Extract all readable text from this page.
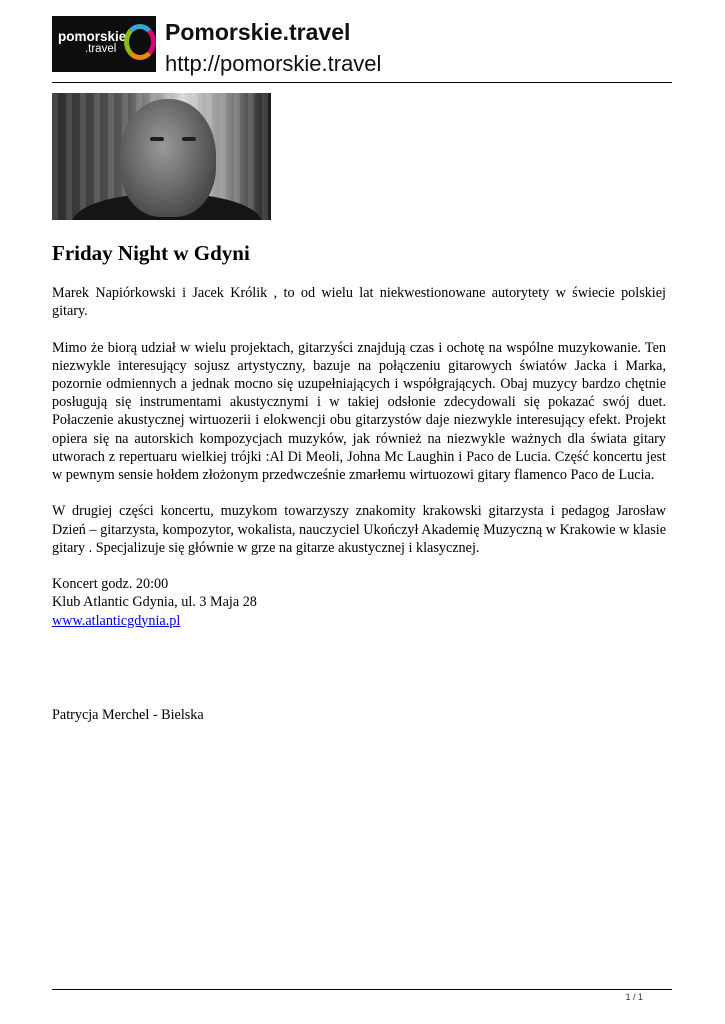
pomorskie
.travel
Pomorskie.travel
http://pomorskie.travel
Friday Night w Gdyni

Marek Napiórkowski i Jacek Królik , to od wielu lat niekwestionowane autorytety w świecie polskiej gitary.

Mimo że biorą udział w wielu projektach, gitarzyści znajdują czas i ochotę na wspólne muzykowanie. Ten niezwykle interesujący sojusz artystyczny, bazuje na połączeniu gitarowych światów Jacka i Marka, pozornie odmiennych a jednak mocno się uzupełniających i współgrających. Obaj muzycy bardzo chętnie posługują się instrumentami akustycznymi i w takiej odsłonie zdecydowali się pokazać swój duet. Połaczenie akustycznej wirtuozerii i elokwencji obu gitarzystów daje niezwykle interesujący efekt. Projekt opiera się na autorskich kompozycjach muzyków, jak również na niezwykle ważnych dla świata gitary utworach z repertuaru wielkiej trójki :Al Di Meoli, Johna Mc Laughin i Paco de Lucia. Część koncertu jest w pewnym sensie hołdem złożonym przedwcześnie zmarłemu wirtuozowi gitary flamenco Paco de Lucia.

W drugiej części koncertu, muzykom towarzyszy znakomity krakowski gitarzysta i pedagog Jarosław Dzień – gitarzysta, kompozytor, wokalista, nauczyciel Ukończył Akademię Muzyczną w Krakowie w klasie gitary . Specjalizuje się głównie w grze na gitarze akustycznej i klasycznej.

Koncert godz. 20:00

Klub Atlantic Gdynia, ul. 3 Maja 28

www.atlanticgdynia.pl

Patrycja Merchel - Bielska
1 / 1
